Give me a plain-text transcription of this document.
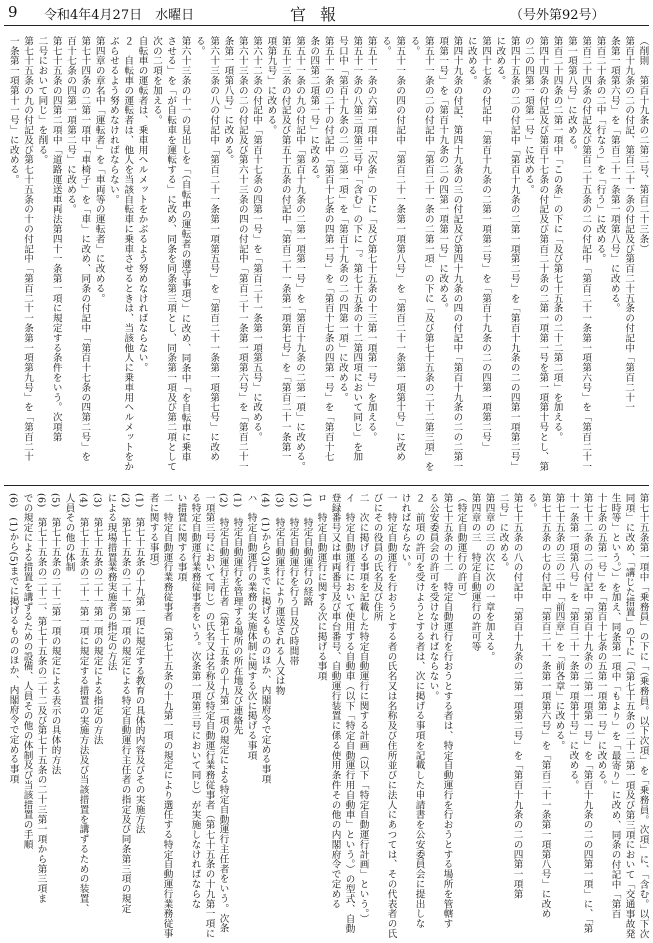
9 令和4年4月27日　水曜日	官報	（号外第92号）
（削則　第百十九条の二第二号、第百二十三条）
第百十九条の二の付記、第百二十一条の付記及び第百二十五条の付記中「第百二十一
条第一項第六号」を「第百二十一条第一項第八号」に改める。
第百二十条の二中「行なう」を「行う」に改める。
第百二十四条の付記及び第百二十五条の二の付記中「第百二十一条第一項第六号」を「第百二十一
第一項第八号」に改める。
第百二十四条の二第一項中「この条」の下に「及び第七十五条の二十二第二項」を加える。
第四十四条の付記及び第百十七条の付記及び第百二十条の二第一項第一号を第一項第十号とし、第
の二の四第一項第一号」に改める。
第四十五条の二の付記中「第百十九条の二第一項第二号」を「第百十九条の二の四第一項第二号」
に改める。
第四十七条の付記中「第百十九条の二第一項第二号」を「第百十九条の二の四第一項第二号」
に改める。
第四十九条の付記、第四十九条の三の付記及び第四十九条の四の付記中「第百十九条の二の二第一
項第一号」を「第百十九条の二の四第一項第一号」に改める。
第五十一条の二の付記中「第百二十一条の二第一項」の下に「及び第七十五条の二十二第三項」を
る。
第五十一条の四の付記中「第百二十一条第一項第八号」を「第百二十一条第一項第十号」に改め
る。
第五十一条の六第一項中「次条」の下に「及び第七十五条の十三第一項第一号」を加える。
第五十一条の八第三項第三号中「含む」の下に「。第七十五条の十二第四項において同じ」を加
号口中「第百十九条の二の二第一項」を「第百十九条の二の四第一項」に改める。
第五十一条の二十の付記中「第百十七条の四第一号」を「第百十七条の四第一号」を「第百十七
条の四第二項第一号」に改める。
第五十一条の九の付記中「第百十九条の二第一項第一号」を「第百十九条の二第一項」に改める。
第五十三条の付記及び第五十五条の付記中「第百二十一条第一項第七号」を「第百二十一条第一
項第九号」に改める。
第六十二条の付記中「第百十七条の四第一号」を「第百二十一条第一項第五号」に改める。
第六十三条の二の付記及び第六十三条の四の付記中「第百二十一条第一項第六号」を「第百二十一
条第一項第八号」に改める。
第六十三条の八の付記中「第百二十一条第一項第五号」を「第百二十一条第一項第七号」に改め
る。
第六十三条の十一の見出しを「（自転車の運転者の遵守事項）」に改め、同条中「を自転車に乗車
させる」を「が自転車を運転する」に改め、同条を同条第三項とし、同条第一項及び第二項として
次の二項を加える。
自転車の運転者は、乗車用ヘルメットをかぶるよう努めなければならない。
２　自転車の運転者は、他人を当該自転車に乗車させるときは、当該他人に乗車用ヘルメットをか
ぶらせるよう努めなければならない。
第四章の章名中「運転者」を「車両等の運転者」に改める。
第七十四条の二第一項中「車椅子」を「車」に改め、同条の付記中「第百十七条の四第二号」を
百十七条の四第一項第二号」に改める。
第七十五条の四第二項中「道路運送車両法第四十一条第一項に規定する条件をいう。次項第
二号において同じ」を削る。
第七十五条の九の付記及び第七十五条の十の付記中「第百二十一条第一項第九号」を「第百二十
一条第一項第十一号」に改める。
第七十五条第一項中「乗務員」の下に「（乗務員。以下次項」を「乗務員。次項」に、「含む。以下次
同項」に改め、「講じた措置」の下に「（第七十五条の二十二第一項及び第三項において「交通事故発
生時等」という。）」を加え、同条第一項中「もより」を「最寄り」に改め、同条の付記中「第百
十七条の五第一号」を「第百十七条の五第一項第一号」に改める。
第七十二条の二の付記中「第百十九条の二第一項第一号」を「第百十九条の二の四第一項」に、「第
十一条第一項第八号」を「第百二十一条第一項第十号」に改める。
第七十五条の三の二中「前四章」を「前各章」に改める。
第七十五条の七の付記中「第百二十一条第一項第六号」を「第百二十一条第一項第八号」に改め
る。
第七十五条の八の付記中「第百十九条の二第一項第二号」を「第百十九条の二の四第一項第
二号」に改める。
第四章の三の次に次の一章を加える。
第四章の三　特定自動運行の許可等
（特定自動運行の許可）
第七十五条の十二　特定自動運行を行おうとする者は、特定自動運行を行おうとする場所を管轄す
る公安委員会の許可を受けなければならない。
２　前項の許可を受けようとする者は、次に掲げる事項を記載した申請書を公安委員会に提出しな
ければならない。
一　特定自動運行を行おうとする者の氏名又は名称及び住所並びに法人にあつては、その代表者の氏
びにその役員の氏名及び住所
二　次に掲げる事項を記載した特定自動運行に関する計画（以下「特定自動運行計画」という。）
イ　特定自動運行において使用する自動車（以下「特定自動運行用自動車」という。）の型式、自動
登録番号又は車両番号及び車台番号、自動運行装置に係る使用条件その他の内閣府令で定める
ロ　特定自動運行に関する次に掲げる事項
(1)　特定自動運行の経路
(2)　特定自動運行を行う日及び時間帯
(3)　特定自動運行により運送される人又は物
(4)　(1)から(3)までに掲げるもののほか、内閣府令で定める事項
ハ　特定自動運行の業務の実施体制に関する次に掲げる事項
(1)　特定自動運行を管理する場所の所在地及び連絡先
(2)　特定自動運行主任者（第七十五条の十九第一項の規定による特定自動運行主任者をいう。次条
一項第三号において同じ）の氏名又は名称及び特定自動運行業務従事者（第七十五条の十九第一項に
る特定自動運行業務従事者をいう。次条第一項第三号において同じ）が実施しなければならな
い措置に関する事項
二　特定自動運行業務従事者（第七十五条の十九第一項の規定により選任する特定自動運行業務従事
者に関する事項）
(1)　第七十五条の十九第一項に規定する教育の具体的内容及びその実施方法
(2)　第七十五条の二十一第一項の規定による特定自動運行主任者の指定及び同条第三項の規定
による現場措置業務実施者の指定の方法
(3)　第七十五条の二十一第一項の規定による指定の方法
(4)　第七十五条の二十一第一項に規定する措置の実施方法及び当該措置を講ずるための装置、
人員その他の体制
(5)　第七十五条の二十二第一項の規定による表示の具体的方法
(6)　第七十五条の二十二、第七十五条の二十二及び第七十五条の二十三第一項から第三項ま
での規定による措置を講ずるための設備、人員その他の体制及び当該措置の手順
(6)　(1)から(5)までに掲げるもののほか、内閣府令で定める事項
